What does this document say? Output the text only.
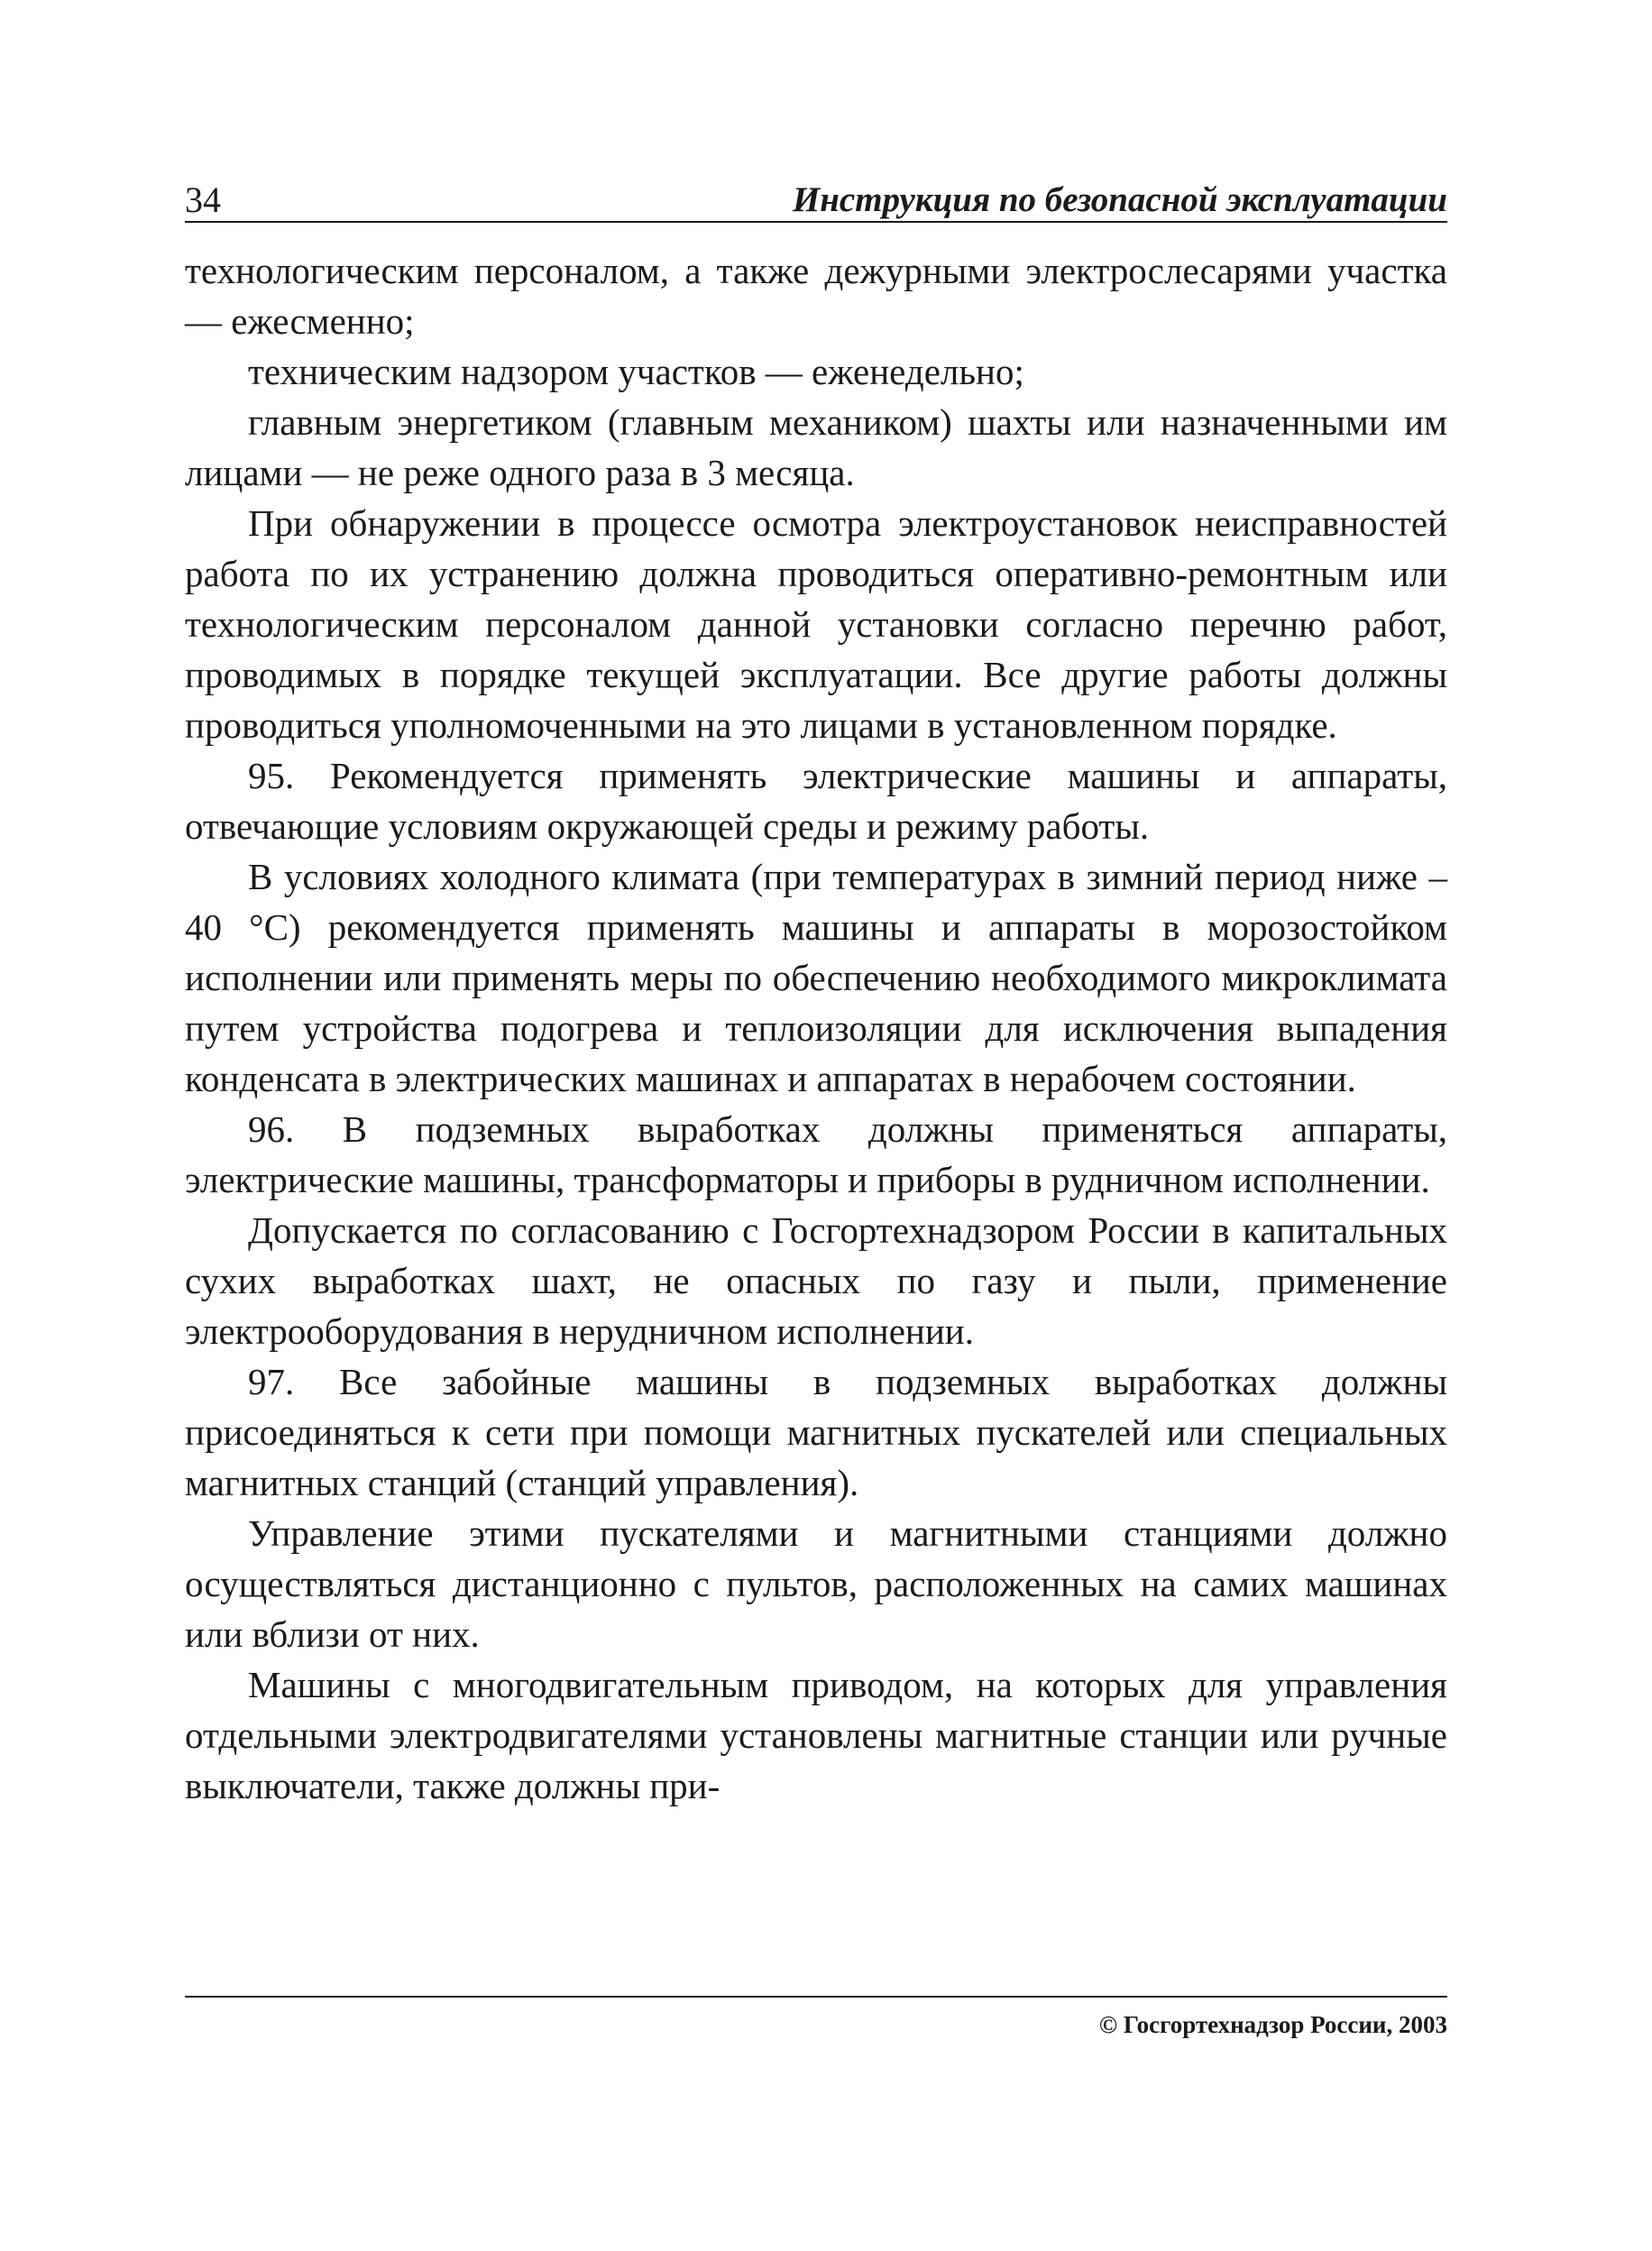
34	Инструкция по безопасной эксплуатации

технологическим персоналом, а также дежурными электрослесарями участка — ежесменно;

техническим надзором участков — еженедельно;

главным энергетиком (главным механиком) шахты или назначенными им лицами — не реже одного раза в 3 месяца.

При обнаружении в процессе осмотра электроустановок неисправностей работа по их устранению должна проводиться оперативно-ремонтным или технологическим персоналом данной установки согласно перечню работ, проводимых в порядке текущей эксплуатации. Все другие работы должны проводиться уполномоченными на это лицами в установленном порядке.

95. Рекомендуется применять электрические машины и аппараты, отвечающие условиям окружающей среды и режиму работы.

В условиях холодного климата (при температурах в зимний период ниже –40 °С) рекомендуется применять машины и аппараты в морозостойком исполнении или применять меры по обеспечению необходимого микроклимата путем устройства подогрева и теплоизоляции для исключения выпадения конденсата в электрических машинах и аппаратах в нерабочем состоянии.

96. В подземных выработках должны применяться аппараты, электрические машины, трансформаторы и приборы в рудничном исполнении.

Допускается по согласованию с Госгортехнадзором России в капитальных сухих выработках шахт, не опасных по газу и пыли, применение электрооборудования в нерудничном исполнении.

97. Все забойные машины в подземных выработках должны присоединяться к сети при помощи магнитных пускателей или специальных магнитных станций (станций управления).

Управление этими пускателями и магнитными станциями должно осуществляться дистанционно с пультов, расположенных на самих машинах или вблизи от них.

Машины с многодвигательным приводом, на которых для управления отдельными электродвигателями установлены магнитные станции или ручные выключатели, также должны при-

© Госгортехнадзор России, 2003
